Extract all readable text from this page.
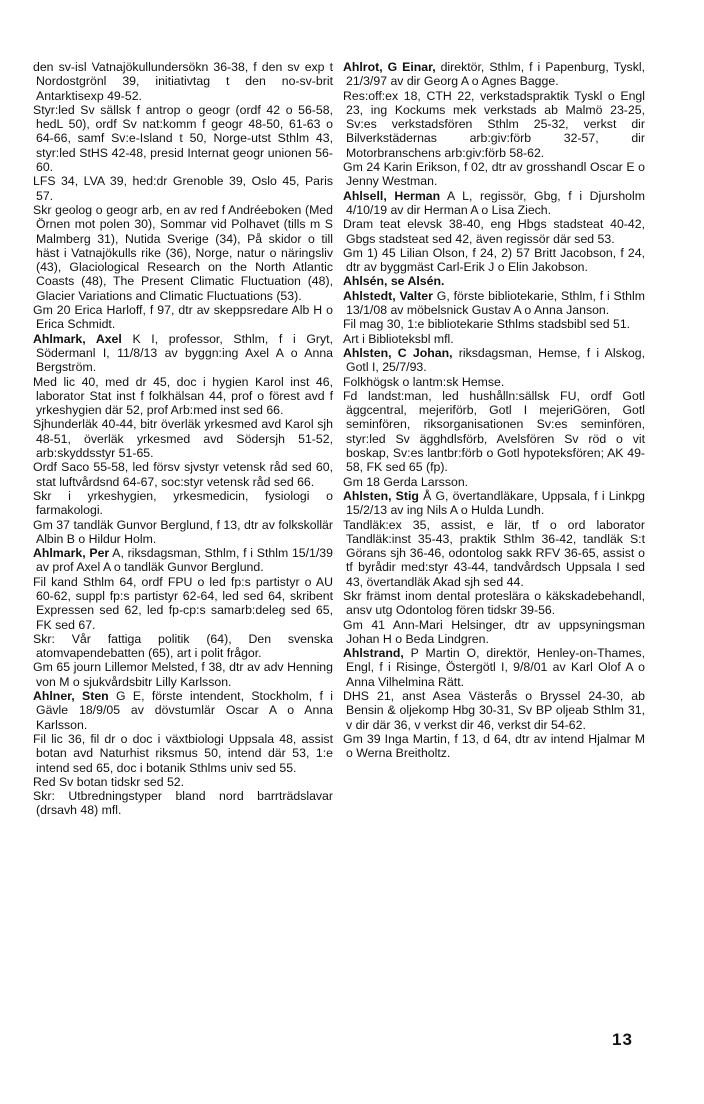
den sv-isl Vatnajökullundersökn 36-38, f den sv exp t Nordostgrönl 39, initiativtag t den no-sv-brit Antarktisexp 49-52.

Styr:led Sv sällsk f antrop o geogr (ordf 42 o 56-58, hedL 50), ordf Sv nat:komm f geogr 48-50, 61-63 o 64-66, samf Sv:e-Island t 50, Norge-utst Sthlm 43, styr:led StHS 42-48, presid Internat geogr unionen 56-60.

LFS 34, LVA 39, hed:dr Grenoble 39, Oslo 45, Paris 57.

Skr geolog o geogr arb, en av red f Andréeboken (Med Örnen mot polen 30), Sommar vid Polhavet (tills m S Malmberg 31), Nutida Sverige (34), På skidor o till häst i Vatnajökulls rike (36), Norge, natur o näringsliv (43), Glaciological Research on the North Atlantic Coasts (48), The Present Climatic Fluctuation (48), Glacier Variations and Climatic Fluctuations (53).

Gm 20 Erica Harloff, f 97, dtr av skeppsredare Alb H o Erica Schmidt.

Ahlmark, Axel K I, professor, Sthlm, f i Gryt, Södermanl I, 11/8/13 av byggn:ing Axel A o Anna Bergström.

Med lic 40, med dr 45, doc i hygien Karol inst 46, laborator Stat inst f folkhälsan 44, prof o förest avd f yrkeshygien där 52, prof Arb:med inst sed 66.

Sjhunderläk 40-44, bitr överläk yrkesmed avd Karol sjh 48-51, överläk yrkesmed avd Södersjh 51-52, arb:skyddsstyr 51-65.

Ordf Saco 55-58, led försv sjvstyr vetensk råd sed 60, stat luftvårdsnd 64-67, soc:styr vetensk råd sed 66.

Skr i yrkeshygien, yrkesmedicin, fysiologi o farmakologi.

Gm 37 tandläk Gunvor Berglund, f 13, dtr av folkskollär Albin B o Hildur Holm.

Ahlmark, Per A, riksdagsman, Sthlm, f i Sthlm 15/1/39 av prof Axel A o tandläk Gunvor Berglund.

Fil kand Sthlm 64, ordf FPU o led fp:s partistyr o AU 60-62, suppl fp:s partistyr 62-64, led sed 64, skribent Expressen sed 62, led fp-cp:s samarb:deleg sed 65, FK sed 67.

Skr: Vår fattiga politik (64), Den svenska atomvapendebatten (65), art i polit frågor.

Gm 65 journ Lillemor Melsted, f 38, dtr av adv Henning von M o sjukvårdsbitr Lilly Karlsson.

Ahlner, Sten G E, förste intendent, Stockholm, f i Gävle 18/9/05 av dövstumlär Oscar A o Anna Karlsson.

Fil lic 36, fil dr o doc i växtbiologi Uppsala 48, assist botan avd Naturhist riksmus 50, intend där 53, 1:e intend sed 65, doc i botanik Sthlms univ sed 55.

Red Sv botan tidskr sed 52.

Skr: Utbredningstyper bland nord barrträdslavar (drsavh 48) mfl.

Ahlrot, G Einar, direktör, Sthlm, f i Papenburg, Tyskl, 21/3/97 av dir Georg A o Agnes Bagge.

Res:off:ex 18, CTH 22, verkstadspraktik Tyskl o Engl 23, ing Kockums mek verkstads ab Malmö 23-25, Sv:es verkstadsfören Sthlm 25-32, verkst dir Bilverkstädernas arb:giv:förb 32-57, dir Motorbranschens arb:giv:förb 58-62.

Gm 24 Karin Erikson, f 02, dtr av grosshandl Oscar E o Jenny Westman.

Ahlsell, Herman A L, regissör, Gbg, f i Djursholm 4/10/19 av dir Herman A o Lisa Ziech.

Dram teat elevsk 38-40, eng Hbgs stadsteat 40-42, Gbgs stadsteat sed 42, även regissör där sed 53.

Gm 1) 45 Lilian Olson, f 24, 2) 57 Britt Jacobson, f 24, dtr av byggmäst Carl-Erik J o Elin Jakobson.

Ahlsén, se Alsén.

Ahlstedt, Valter G, förste bibliotekarie, Sthlm, f i Sthlm 13/1/08 av möbelsnick Gustav A o Anna Janson.

Fil mag 30, 1:e bibliotekarie Sthlms stadsbibl sed 51.

Art i Biblioteksbl mfl.

Ahlsten, C Johan, riksdagsman, Hemse, f i Alskog, Gotl I, 25/7/93.

Folkhögsk o lantm:sk Hemse.

Fd landst:man, led hushålln:sällsk FU, ordf Gotl äggcentral, mejeriförb, Gotl I mejeriGören, Gotl seminfören, riksorganisationen Sv:es seminfören, styr:led Sv ägghdlsförb, Avelsfören Sv röd o vit boskap, Sv:es lantbr:förb o Gotl hypoteksfören; AK 49-58, FK sed 65 (fp).

Gm 18 Gerda Larsson.

Ahlsten, Stig Å G, övertandläkare, Uppsala, f i Linkpg 15/2/13 av ing Nils A o Hulda Lundh.

Tandläk:ex 35, assist, e lär, tf o ord laborator Tandläk:inst 35-43, praktik Sthlm 36-42, tandläk S:t Görans sjh 36-46, odontolog sakk RFV 36-65, assist o tf byrådir med:styr 43-44, tandvårdsch Uppsala I sed 43, övertandläk Akad sjh sed 44.

Skr främst inom dental proteslära o käkskadebehandl, ansv utg Odontolog fören tidskr 39-56.

Gm 41 Ann-Mari Helsinger, dtr av uppsyningsman Johan H o Beda Lindgren.

Ahlstrand, P Martin O, direktör, Henley-on-Thames, Engl, f i Risinge, Östergötl I, 9/8/01 av Karl Olof A o Anna Vilhelmina Rätt.

DHS 21, anst Asea Västerås o Bryssel 24-30, ab Bensin & oljekomp Hbg 30-31, Sv BP oljeab Sthlm 31, v dir där 36, v verkst dir 46, verkst dir 54-62.

Gm 39 Inga Martin, f 13, d 64, dtr av intend Hjalmar M o Werna Breitholtz.

13
